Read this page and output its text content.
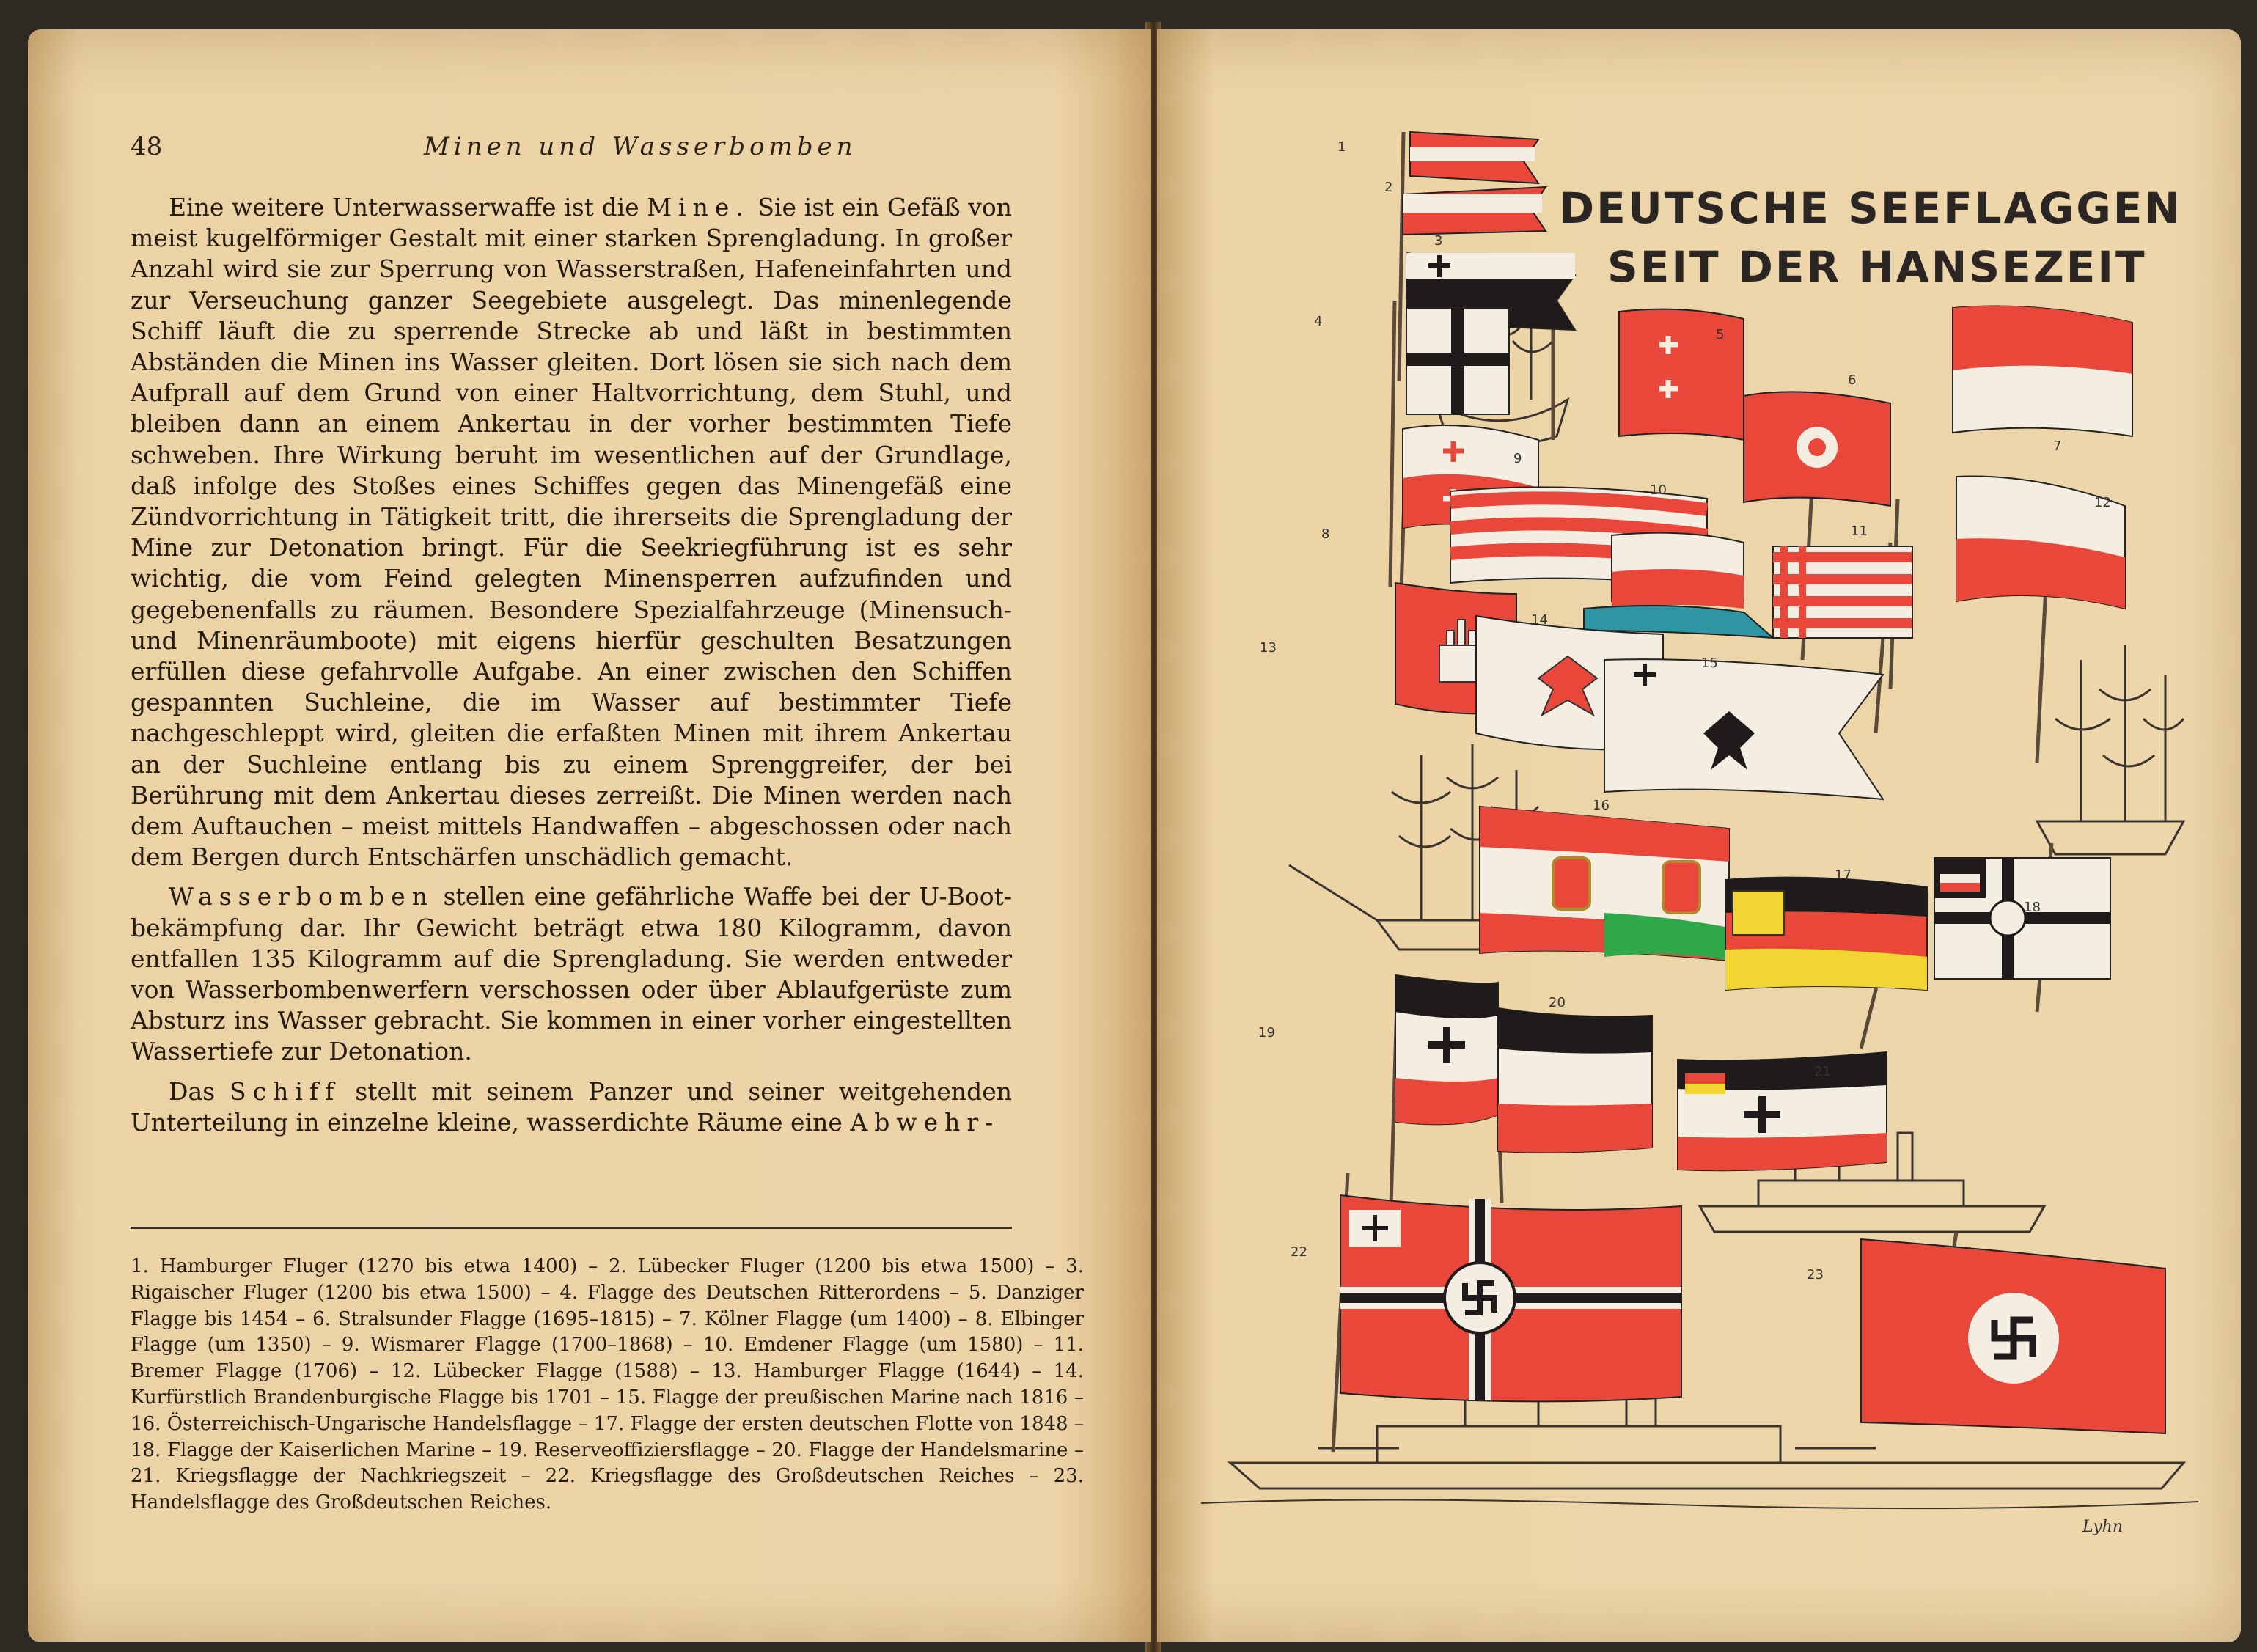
48	Minen und Wasserbomben

Eine weitere Unterwasserwaffe ist die Mine. Sie ist ein Gefäß von meist kugelförmiger Gestalt mit einer starken Sprengladung. In großer Anzahl wird sie zur Sperrung von Wasserstraßen, Hafeneinfahrten und zur Verseuchung ganzer Seegebiete ausgelegt. Das minenlegende Schiff läuft die zu sperrende Strecke ab und läßt in bestimmten Abständen die Minen ins Wasser gleiten. Dort lösen sie sich nach dem Aufprall auf dem Grund von einer Haltvorrichtung, dem Stuhl, und bleiben dann an einem Ankertau in der vorher bestimmten Tiefe schweben. Ihre Wirkung beruht im wesentlichen auf der Grundlage, daß infolge des Stoßes eines Schiffes gegen das Minengefäß eine Zündvorrichtung in Tätigkeit tritt, die ihrerseits die Sprengladung der Mine zur Detonation bringt. Für die Seekriegführung ist es sehr wichtig, die vom Feind gelegten Minensperren aufzufinden und gegebenenfalls zu räumen. Besondere Spezialfahrzeuge (Minensuch- und Minenräumboote) mit eigens hierfür geschulten Besatzungen erfüllen diese gefahrvolle Aufgabe. An einer zwischen den Schiffen gespannten Suchleine, die im Wasser auf bestimmter Tiefe nachgeschleppt wird, gleiten die erfaßten Minen mit ihrem Ankertau an der Suchleine entlang bis zu einem Sprenggreifer, der bei Berührung mit dem Ankertau dieses zerreißt. Die Minen werden nach dem Auftauchen – meist mittels Handwaffen – abgeschossen oder nach dem Bergen durch Entschärfen unschädlich gemacht.

Wasserbomben stellen eine gefährliche Waffe bei der U-Boot-bekämpfung dar. Ihr Gewicht beträgt etwa 180 Kilogramm, davon entfallen 135 Kilogramm auf die Sprengladung. Sie werden entweder von Wasserbombenwerfern verschossen oder über Ablaufgerüste zum Absturz ins Wasser gebracht. Sie kommen in einer vorher eingestellten Wassertiefe zur Detonation.

Das Schiff stellt mit seinem Panzer und seiner weitgehenden Unterteilung in einzelne kleine, wasserdichte Räume eine Abwehr-

1. Hamburger Fluger (1270 bis etwa 1400) – 2. Lübecker Fluger (1200 bis etwa 1500) – 3. Rigaischer Fluger (1200 bis etwa 1500) – 4. Flagge des Deutschen Ritterordens – 5. Danziger Flagge bis 1454 – 6. Stralsunder Flagge (1695–1815) – 7. Kölner Flagge (um 1400) – 8. Elbinger Flagge (um 1350) – 9. Wismarer Flagge (1700–1868) – 10. Emdener Flagge (um 1580) – 11. Bremer Flagge (1706) – 12. Lübecker Flagge (1588) – 13. Hamburger Flagge (1644) – 14. Kurfürstlich Brandenburgische Flagge bis 1701 – 15. Flagge der preußischen Marine nach 1816 – 16. Österreichisch-Ungarische Handelsflagge – 17. Flagge der ersten deutschen Flotte von 1848 – 18. Flagge der Kaiserlichen Marine – 19. Reserveoffiziersflagge – 20. Flagge der Handelsmarine – 21. Kriegsflagge der Nachkriegszeit – 22. Kriegsflagge des Großdeutschen Reiches – 23. Handelsflagge des Großdeutschen Reiches.
DEUTSCHE SEEFLAGGEN
SEIT DER HANSEZEIT
1
2
3
4
5
6
7
8
9
10
11
12
13
14
15
16
17
18
19
20
21
22
23
Lyhn
